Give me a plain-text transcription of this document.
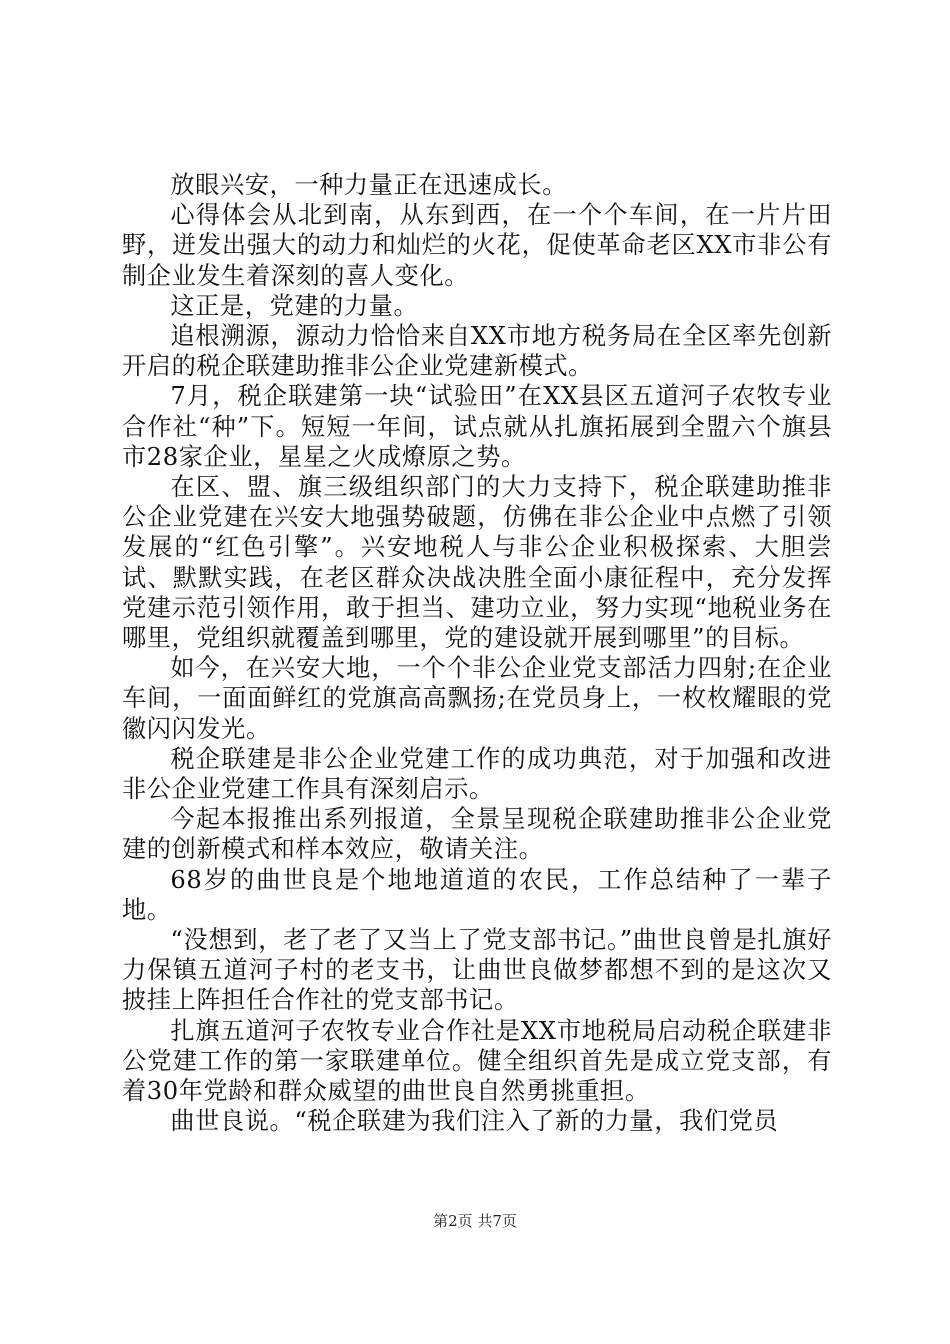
放眼兴安，一种力量正在迅速成长。

心得体会从北到南，从东到西，在一个个车间，在一片片田野，迸发出强大的动力和灿烂的火花，促使革命老区XX市非公有制企业发生着深刻的喜人变化。

这正是，党建的力量。

追根溯源，源动力恰恰来自XX市地方税务局在全区率先创新开启的税企联建助推非公企业党建新模式。

7月，税企联建第一块“试验田”在XX县区五道河子农牧专业合作社“种”下。短短一年间，试点就从扎旗拓展到全盟六个旗县市28家企业，星星之火成燎原之势。

在区、盟、旗三级组织部门的大力支持下，税企联建助推非公企业党建在兴安大地强势破题，仿佛在非公企业中点燃了引领发展的“红色引擎”。兴安地税人与非公企业积极探索、大胆尝试、默默实践，在老区群众决战决胜全面小康征程中，充分发挥党建示范引领作用，敢于担当、建功立业，努力实现“地税业务在哪里，党组织就覆盖到哪里，党的建设就开展到哪里”的目标。

如今，在兴安大地，一个个非公企业党支部活力四射;在企业车间，一面面鲜红的党旗高高飘扬;在党员身上，一枚枚耀眼的党徽闪闪发光。

税企联建是非公企业党建工作的成功典范，对于加强和改进非公企业党建工作具有深刻启示。

今起本报推出系列报道，全景呈现税企联建助推非公企业党建的创新模式和样本效应，敬请关注。

68岁的曲世良是个地地道道的农民，工作总结种了一辈子地。

“没想到，老了老了又当上了党支部书记。”曲世良曾是扎旗好力保镇五道河子村的老支书，让曲世良做梦都想不到的是这次又披挂上阵担任合作社的党支部书记。

扎旗五道河子农牧专业合作社是XX市地税局启动税企联建非公党建工作的第一家联建单位。健全组织首先是成立党支部，有着30年党龄和群众威望的曲世良自然勇挑重担。

曲世良说。“税企联建为我们注入了新的力量，我们党员

第2页 共7页
